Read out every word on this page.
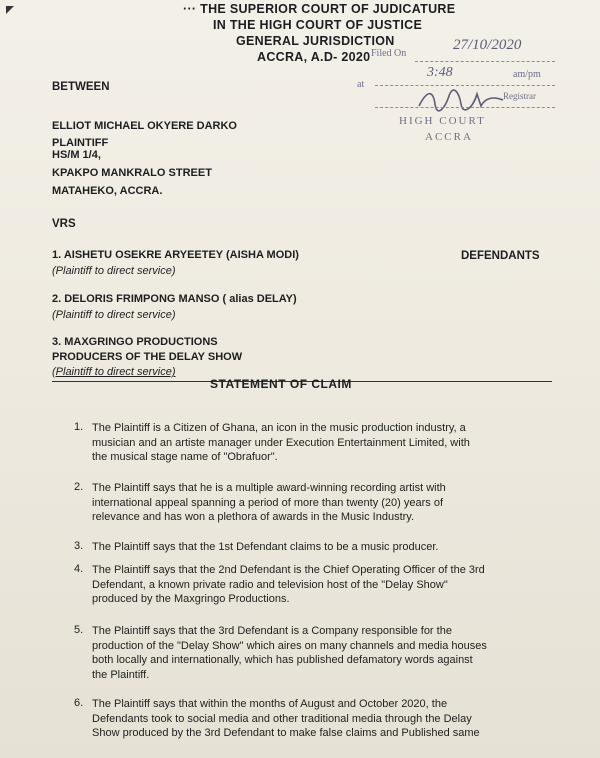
··· THE SUPERIOR COURT OF JUDICATURE
IN THE HIGH COURT OF JUSTICE
GENERAL JURISDICTION
ACCRA, A.D- 2020 Filed On
27/10/2020
at
3:48	am/pm
Registrar
HIGH COURT
ACCRA
BETWEEN
ELLIOT MICHAEL OKYERE DARKO
PLAINTIFF
HS/M 1/4,
KPAKPO MANKRALO STREET
MATAHEKO, ACCRA.
VRS
1. AISHETU OSEKRE ARYEETEY (AISHA MODI)	DEFENDANTS
(Plaintiff to direct service)
2. DELORIS FRIMPONG MANSO ( alias DELAY)
(Plaintiff to direct service)
3. MAXGRINGO PRODUCTIONS
PRODUCERS OF THE DELAY SHOW
(Plaintiff to direct service)
STATEMENT OF CLAIM
1. The Plaintiff is a Citizen of Ghana, an icon in the music production industry, a
musician and an artiste manager under Execution Entertainment Limited, with
the musical stage name of "Obrafuor".
2. The Plaintiff says that he is a multiple award-winning recording artist with
international appeal spanning a period of more than twenty (20) years of
relevance and has won a plethora of awards in the Music Industry.
3. The Plaintiff says that the 1st Defendant claims to be a music producer.
4. The Plaintiff says that the 2nd Defendant is the Chief Operating Officer of the 3rd
Defendant, a known private radio and television host of the "Delay Show"
produced by the Maxgringo Productions.
5. The Plaintiff says that the 3rd Defendant is a Company responsible for the
production of the "Delay Show" which aires on many channels and media houses
both locally and internationally, which has published defamatory words against
the Plaintiff.
6. The Plaintiff says that within the months of August and October 2020, the
Defendants took to social media and other traditional media through the Delay
Show produced by the 3rd Defendant to make false claims and Published same
